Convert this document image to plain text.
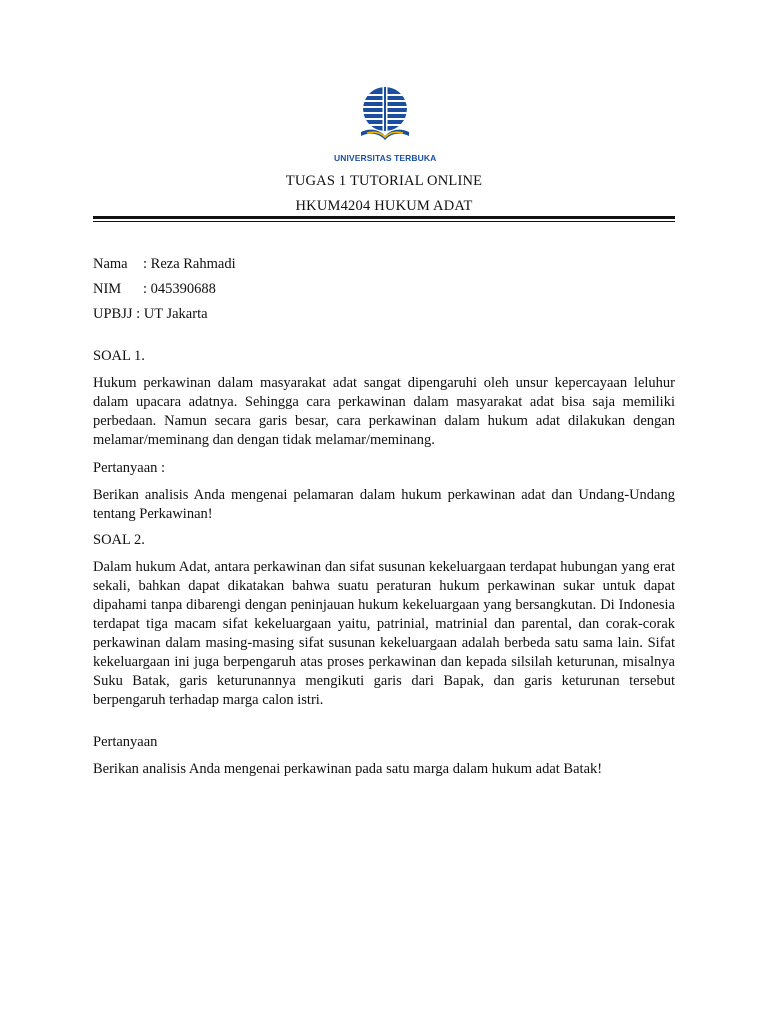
UNIVERSITAS TERBUKA
TUGAS 1 TUTORIAL ONLINE
HKUM4204 HUKUM ADAT
Nama : Reza Rahmadi
NIM : 045390688
UPBJJ : UT Jakarta
SOAL 1.
Hukum perkawinan dalam masyarakat adat sangat dipengaruhi oleh unsur kepercayaan leluhur dalam upacara adatnya. Sehingga cara perkawinan dalam masyarakat adat bisa saja memiliki perbedaan. Namun secara garis besar, cara perkawinan dalam hukum adat dilakukan dengan melamar/meminang dan dengan tidak melamar/meminang.
Pertanyaan :
Berikan analisis Anda mengenai pelamaran dalam hukum perkawinan adat dan Undang-Undang tentang Perkawinan!
SOAL 2.
Dalam hukum Adat, antara perkawinan dan sifat susunan kekeluargaan terdapat hubungan yang erat sekali, bahkan dapat dikatakan bahwa suatu peraturan hukum perkawinan sukar untuk dapat dipahami tanpa dibarengi dengan peninjauan hukum kekeluargaan yang bersangkutan. Di Indonesia terdapat tiga macam sifat kekeluargaan yaitu, patrinial, matrinial dan parental, dan corak-corak perkawinan dalam masing-masing sifat susunan kekeluargaan adalah berbeda satu sama lain. Sifat kekeluargaan ini juga berpengaruh atas proses perkawinan dan kepada silsilah keturunan, misalnya Suku Batak, garis keturunannya mengikuti garis dari Bapak, dan garis keturunan tersebut berpengaruh terhadap marga calon istri.
Pertanyaan
Berikan analisis Anda mengenai perkawinan pada satu marga dalam hukum adat Batak!
